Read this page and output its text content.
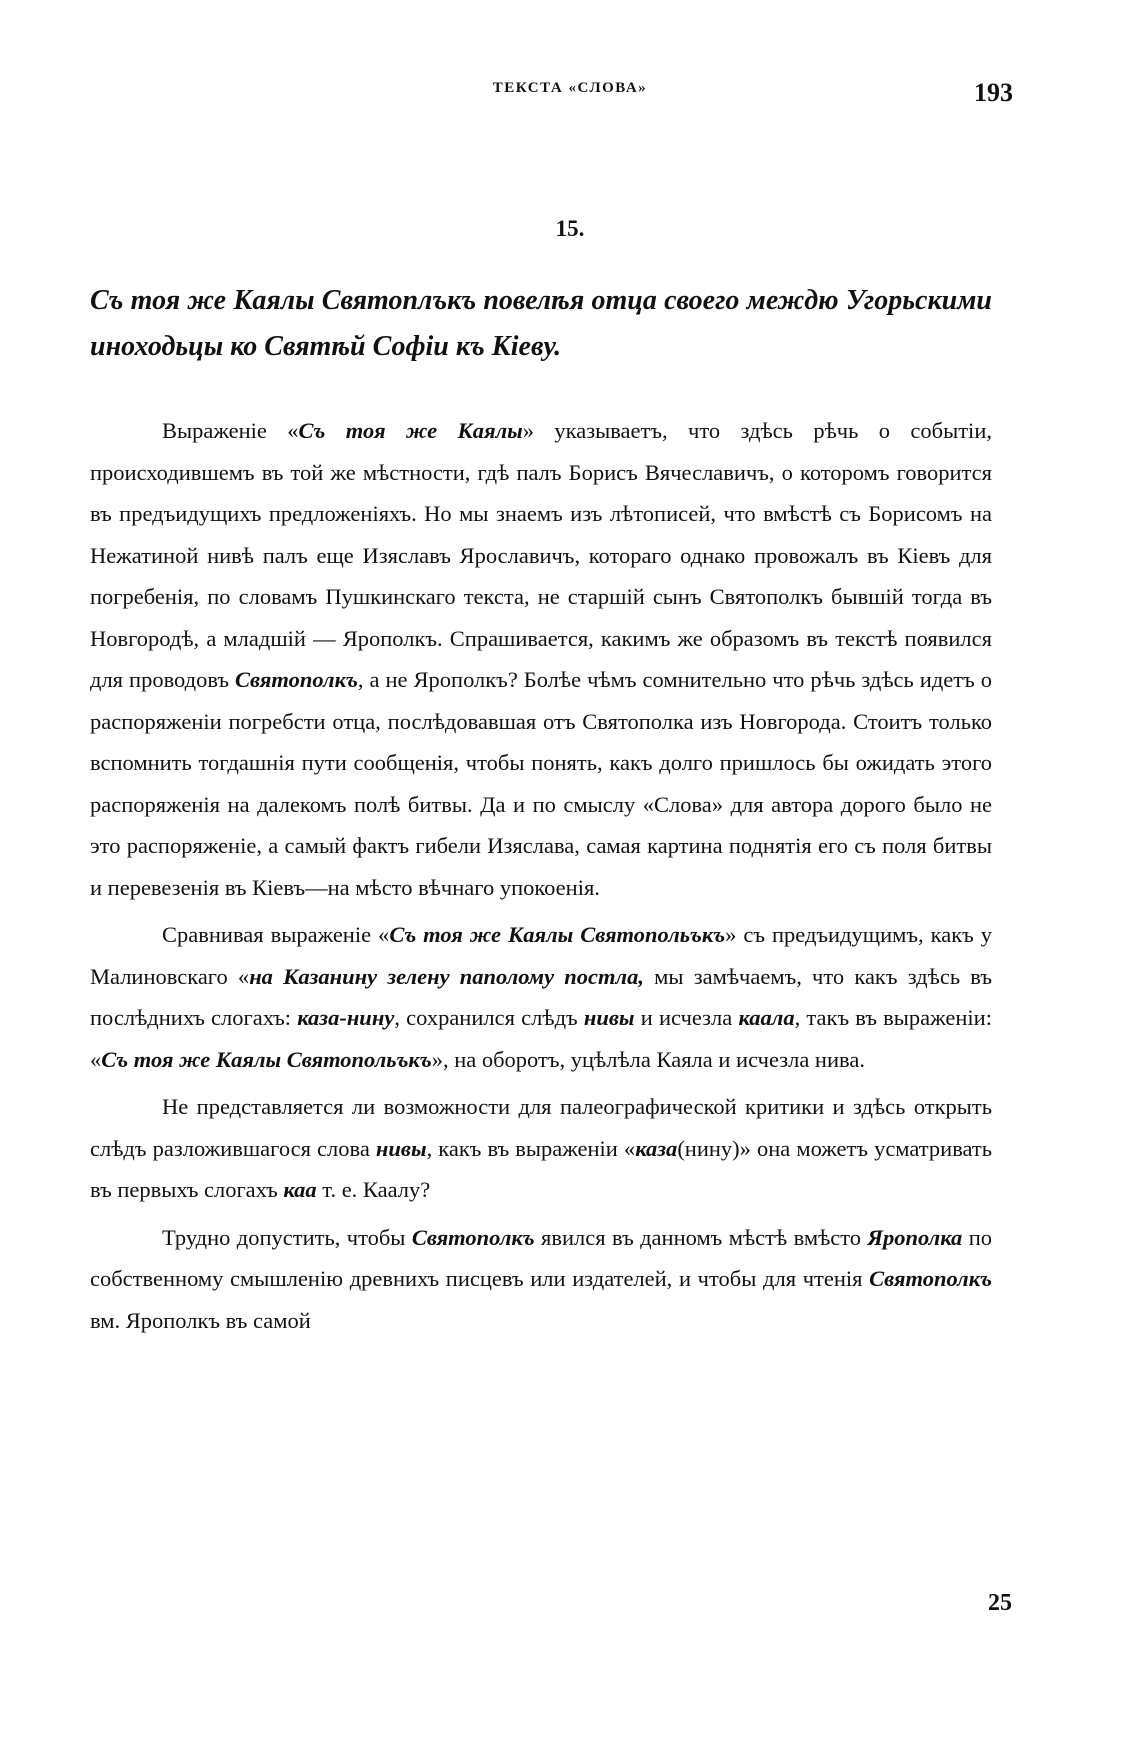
ТЕКСТА «СЛОВА»	193
15.
Съ тоя же Каялы Святоплъкъ повелѣя отца своего междю Угорьскими иноходьцы ко Святѣй Софіи къ Кіеву.

Выраженіе «Съ тоя же Каялы» указываетъ, что здѣсь рѣчь о событіи, происходившемъ въ той же мѣстности, гдѣ палъ Борисъ Вячеславичъ, о которомъ говорится въ предъидущихъ предложеніяхъ. Но мы знаемъ изъ лѣтописей, что вмѣстѣ съ Борисомъ на Нежатиной нивѣ палъ еще Изяславъ Ярославичъ, котораго однако провожалъ въ Кіевъ для погребенія, по словамъ Пушкинскаго текста, не старшій сынъ Святополкъ бывшій тогда въ Новгородѣ, а младшій — Ярополкъ. Спрашивается, какимъ же образомъ въ текстѣ появился для проводовъ Святополкъ, а не Ярополкъ? Болѣе чѣмъ сомнительно что рѣчь здѣсь идетъ о распоряженіи погребсти отца, послѣдовавшая отъ Святополка изъ Новгорода. Стоитъ только вспомнить тогдашнія пути сообщенія, чтобы понять, какъ долго пришлось бы ожидать этого распоряженія на далекомъ полѣ битвы. Да и по смыслу «Слова» для автора дорого было не это распоряженіе, а самый фактъ гибели Изяслава, самая картина поднятія его съ поля битвы и перевезенія въ Кіевъ—на мѣсто вѣчнаго упокоенія.

Сравнивая выраженіе «Съ тоя же Каялы Святопольъкъ» съ предъидущимъ, какъ у Малиновскаго «на Казанину зелену паполому постла, мы замѣчаемъ, что какъ здѣсь въ послѣднихъ слогахъ: каза-нину, сохранился слѣдъ нивы и исчезла каала, такъ въ выраженіи: «Съ тоя же Каялы Святопольъкъ», на оборотъ, уцѣлѣла Каяла и исчезла нива.

Не представляется ли возможности для палеографической критики и здѣсь открыть слѣдъ разложившагося слова нивы, какъ въ выраженіи «каза(нину)» она можетъ усматривать въ первыхъ слогахъ каа т. е. Каалу?

Трудно допустить, чтобы Святополкъ явился въ данномъ мѣстѣ вмѣсто Ярополка по собственному смышленію древнихъ писцевъ или издателей, и чтобы для чтенія Святополкъ вм. Ярополкъ въ самой

25
